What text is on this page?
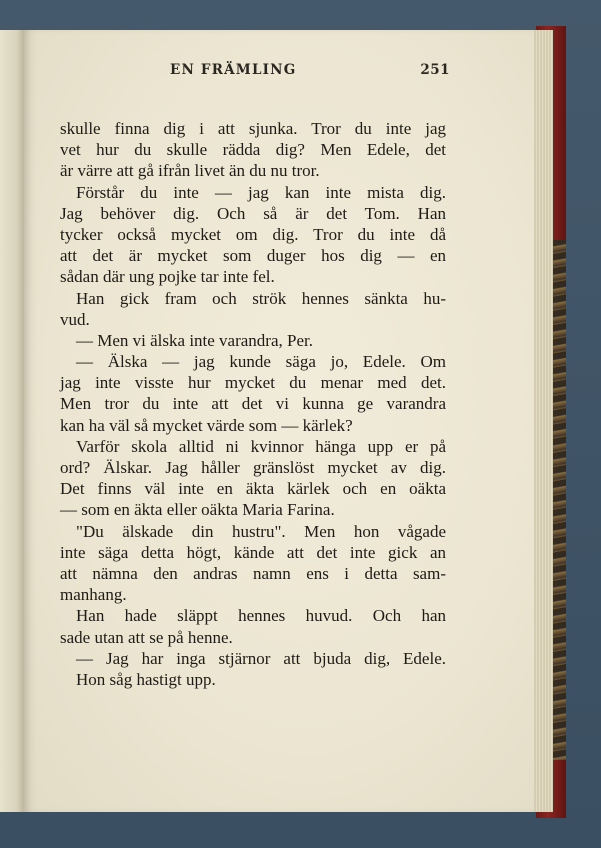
EN FRÄMLING	251
skulle finna dig i att sjunka. Tror du inte jag
vet hur du skulle rädda dig? Men Edele, det
är värre att gå ifrån livet än du nu tror.
Förstår du inte — jag kan inte mista dig.
Jag behöver dig. Och så är det Tom. Han
tycker också mycket om dig. Tror du inte då
att det är mycket som duger hos dig — en
sådan där ung pojke tar inte fel.
Han gick fram och strök hennes sänkta hu-
vud.
— Men vi älska inte varandra, Per.
— Älska — jag kunde säga jo, Edele. Om
jag inte visste hur mycket du menar med det.
Men tror du inte att det vi kunna ge varandra
kan ha väl så mycket värde som — kärlek?
Varför skola alltid ni kvinnor hänga upp er på
ord? Älskar. Jag håller gränslöst mycket av dig.
Det finns väl inte en äkta kärlek och en oäkta
— som en äkta eller oäkta Maria Farina.
"Du älskade din hustru". Men hon vågade
inte säga detta högt, kände att det inte gick an
att nämna den andras namn ens i detta sam-
manhang.
Han hade släppt hennes huvud. Och han
sade utan att se på henne.
— Jag har inga stjärnor att bjuda dig, Edele.
Hon såg hastigt upp.
